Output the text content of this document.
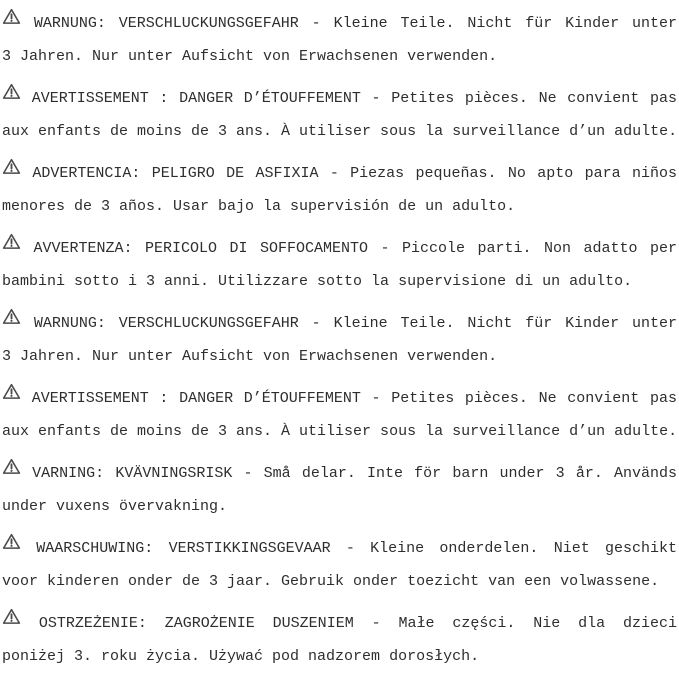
WARNUNG: VERSCHLUCKUNGSGEFAHR - Kleine Teile. Nicht für Kinder unter
3 Jahren. Nur unter Aufsicht von Erwachsenen verwenden.
AVERTISSEMENT : DANGER D’ÉTOUFFEMENT - Petites pièces. Ne convient pas
aux enfants de moins de 3 ans. À utiliser sous la surveillance d’un adulte.
ADVERTENCIA: PELIGRO DE ASFIXIA - Piezas pequeñas. No apto para niños
menores de 3 años. Usar bajo la supervisión de un adulto.
AVVERTENZA: PERICOLO DI SOFFOCAMENTO - Piccole parti. Non adatto per
bambini sotto i 3 anni. Utilizzare sotto la supervisione di un adulto.
WARNUNG: VERSCHLUCKUNGSGEFAHR - Kleine Teile. Nicht für Kinder unter
3 Jahren. Nur unter Aufsicht von Erwachsenen verwenden.
AVERTISSEMENT : DANGER D’ÉTOUFFEMENT - Petites pièces. Ne convient pas
aux enfants de moins de 3 ans. À utiliser sous la surveillance d’un adulte.
VARNING: KVÄVNINGSRISK - Små delar. Inte för barn under 3 år. Används
under vuxens övervakning.
WAARSCHUWING: VERSTIKKINGSGEVAAR - Kleine onderdelen. Niet geschikt
voor kinderen onder de 3 jaar. Gebruik onder toezicht van een volwassene.
OSTRZEŻENIE: ZAGROŻENIE DUSZENIEM - Małe części. Nie dla dzieci
poniżej 3. roku życia. Używać pod nadzorem dorosłych.
